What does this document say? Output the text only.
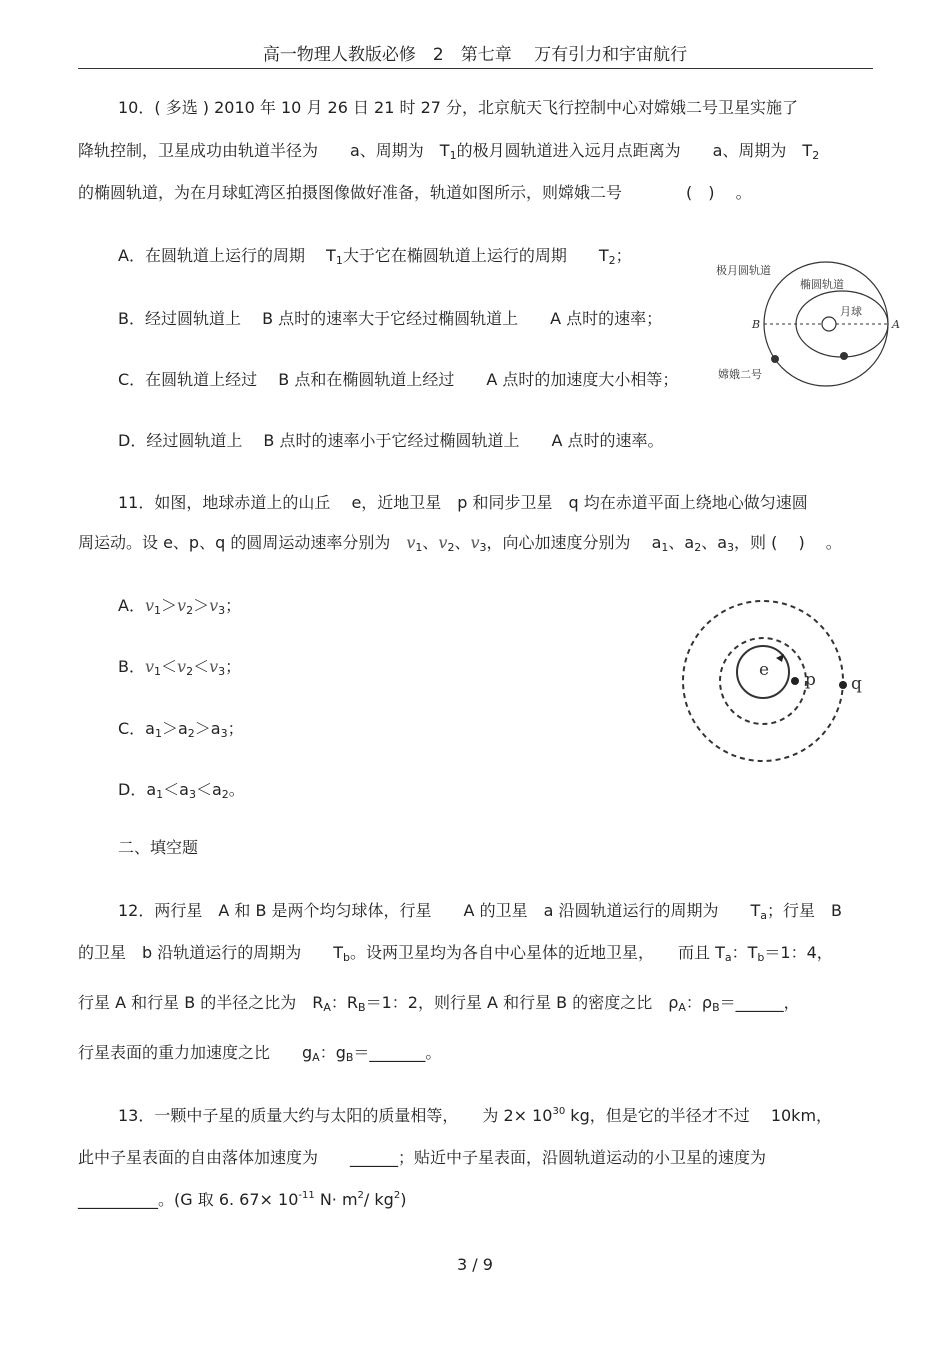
高一物理人教版必修　2　第七章　 万有引力和宇宙航行
10．( 多选 ) 2010 年 10 月 26 日 21 时 27 分，北京航天飞行控制中心对嫦娥二号卫星实施了
降轨控制，卫星成功由轨道半径为　　a、周期为　$T_1$的极月圆轨道进入远月点距离为　　a、周期为　$T_2$
的椭圆轨道，为在月球虹湾区拍摄图像做好准备，轨道如图所示，则嫦娥二号　　　　(　)　 。
A．在圆轨道上运行的周期　 $T_1$大于它在椭圆轨道上运行的周期　　$T_2$；
B．经过圆轨道上　 B 点时的速率大于它经过椭圆轨道上　　A 点时的速率；
C．在圆轨道上经过　 B 点和在椭圆轨道上经过　　A 点时的加速度大小相等；
D．经过圆轨道上　 B 点时的速率小于它经过椭圆轨道上　　A 点时的速率。
极月圆轨道
椭圆轨道
月球
B	A
嫦娥二号
11．如图，地球赤道上的山丘　 e，近地卫星　p 和同步卫星　q 均在赤道平面上绕地心做匀速圆
周运动。设 e、p、q 的圆周运动速率分别为　$v_1$、$v_2$、$v_3$，向心加速度分别为　 $a_1$、$a_2$、$a_3$，则 (　 )　 。
A．$v_1>v_2>v_3$；
B．$v_1<v_2<v_3$；
C．$a_1>a_2>a_3$；
D．$a_1<a_3<a_2$。
e p q
二、填空题
12．两行星　A 和 B 是两个均匀球体，行星　　A 的卫星　a 沿圆轨道运行的周期为　　$T_a$；行星　B
的卫星　b 沿轨道运行的周期为　　$T_b$。设两卫星均为各自中心星体的近地卫星，　　而且 $T_a$：$T_b=1$：4，
行星 A 和行星 B 的半径之比为　$R_A$：$R_B=1$：2，则行星 A 和行星 B 的密度之比　$\rho_A$：$\rho_B=\_\_\_\_\_\_$，
行星表面的重力加速度之比　　$g_A$：$g_B=\_\_\_\_\_\_\_$。
13．一颗中子星的质量大约与太阳的质量相等，　　为 $2\times 10^{30}$ kg，但是它的半径才不过　 10km，
此中子星表面的自由落体加速度为　　______；贴近中子星表面，沿圆轨道运动的小卫星的速度为
__________。(G 取 6. $67\times 10^{-11}$ $N\cdot m^2/$ $kg^2$)
3 / 9
